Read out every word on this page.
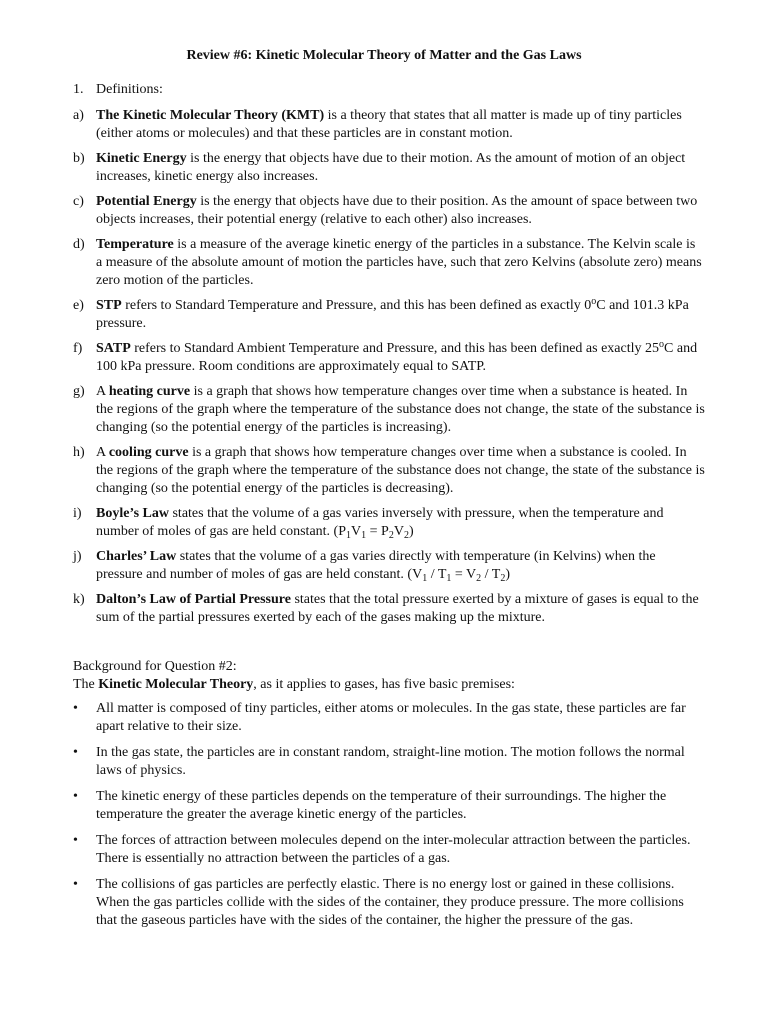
Review #6: Kinetic Molecular Theory of Matter and the Gas Laws
1. Definitions:
a) The Kinetic Molecular Theory (KMT) is a theory that states that all matter is made up of tiny particles (either atoms or molecules) and that these particles are in constant motion.
b) Kinetic Energy is the energy that objects have due to their motion. As the amount of motion of an object increases, kinetic energy also increases.
c) Potential Energy is the energy that objects have due to their position. As the amount of space between two objects increases, their potential energy (relative to each other) also increases.
d) Temperature is a measure of the average kinetic energy of the particles in a substance. The Kelvin scale is a measure of the absolute amount of motion the particles have, such that zero Kelvins (absolute zero) means zero motion of the particles.
e) STP refers to Standard Temperature and Pressure, and this has been defined as exactly 0$^o$C and 101.3 kPa pressure.
f) SATP refers to Standard Ambient Temperature and Pressure, and this has been defined as exactly 25$^o$C and 100 kPa pressure. Room conditions are approximately equal to SATP.
g) A heating curve is a graph that shows how temperature changes over time when a substance is heated. In the regions of the graph where the temperature of the substance does not change, the state of the substance is changing (so the potential energy of the particles is increasing).
h) A cooling curve is a graph that shows how temperature changes over time when a substance is cooled. In the regions of the graph where the temperature of the substance does not change, the state of the substance is changing (so the potential energy of the particles is decreasing).
i) Boyle’s Law states that the volume of a gas varies inversely with pressure, when the temperature and number of moles of gas are held constant. $(P_1V_1 = P_2V_2)$
j) Charles’ Law states that the volume of a gas varies directly with temperature (in Kelvins) when the pressure and number of moles of gas are held constant. $(V_1 / T_1 = V_2 / T_2)$
k) Dalton’s Law of Partial Pressure states that the total pressure exerted by a mixture of gases is equal to the sum of the partial pressures exerted by each of the gases making up the mixture.
Background for Question #2:
The Kinetic Molecular Theory, as it applies to gases, has five basic premises:
• All matter is composed of tiny particles, either atoms or molecules. In the gas state, these particles are far apart relative to their size.
• In the gas state, the particles are in constant random, straight-line motion. The motion follows the normal laws of physics.
• The kinetic energy of these particles depends on the temperature of their surroundings. The higher the temperature the greater the average kinetic energy of the particles.
• The forces of attraction between molecules depend on the inter-molecular attraction between the particles. There is essentially no attraction between the particles of a gas.
• The collisions of gas particles are perfectly elastic. There is no energy lost or gained in these collisions. When the gas particles collide with the sides of the container, they produce pressure. The more collisions that the gaseous particles have with the sides of the container, the higher the pressure of the gas.
